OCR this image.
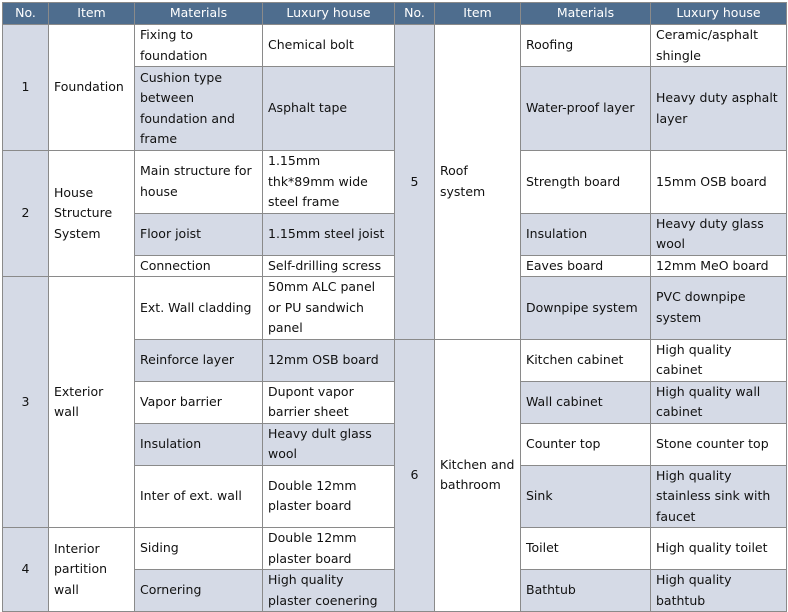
No.	Item	Materials	Luxury house	No.	Item	Materials	Luxury house
1	Foundation	Fixing to foundation	Chemical bolt	5	Roof system	Roofing	Ceramic/asphalt shingle
		Cushion type between foundation and frame	Asphalt tape			Water-proof layer	Heavy duty asphalt layer
2	House Structure System	Main structure for house	1.15mm thk*89mm wide steel frame			Strength board	15mm OSB board
		Floor joist	1.15mm steel joist			Insulation	Heavy duty glass wool
		Connection	Self-drilling scress			Eaves board	12mm MeO board
3	Exterior wall	Ext. Wall cladding	50mm ALC panel or PU sandwich panel			Downpipe system	PVC downpipe system
		Reinforce layer	12mm OSB board	6	Kitchen and bathroom	Kitchen cabinet	High quality cabinet
		Vapor barrier	Dupont vapor barrier sheet			Wall cabinet	High quality wall cabinet
		Insulation	Heavy dult glass wool			Counter top	Stone counter top
		Inter of ext. wall	Double 12mm plaster board			Sink	High quality stainless sink with faucet
4	Interior partition wall	Siding	Double 12mm plaster board			Toilet	High quality toilet
		Cornering	High quality plaster coenering			Bathtub	High quality bathtub
